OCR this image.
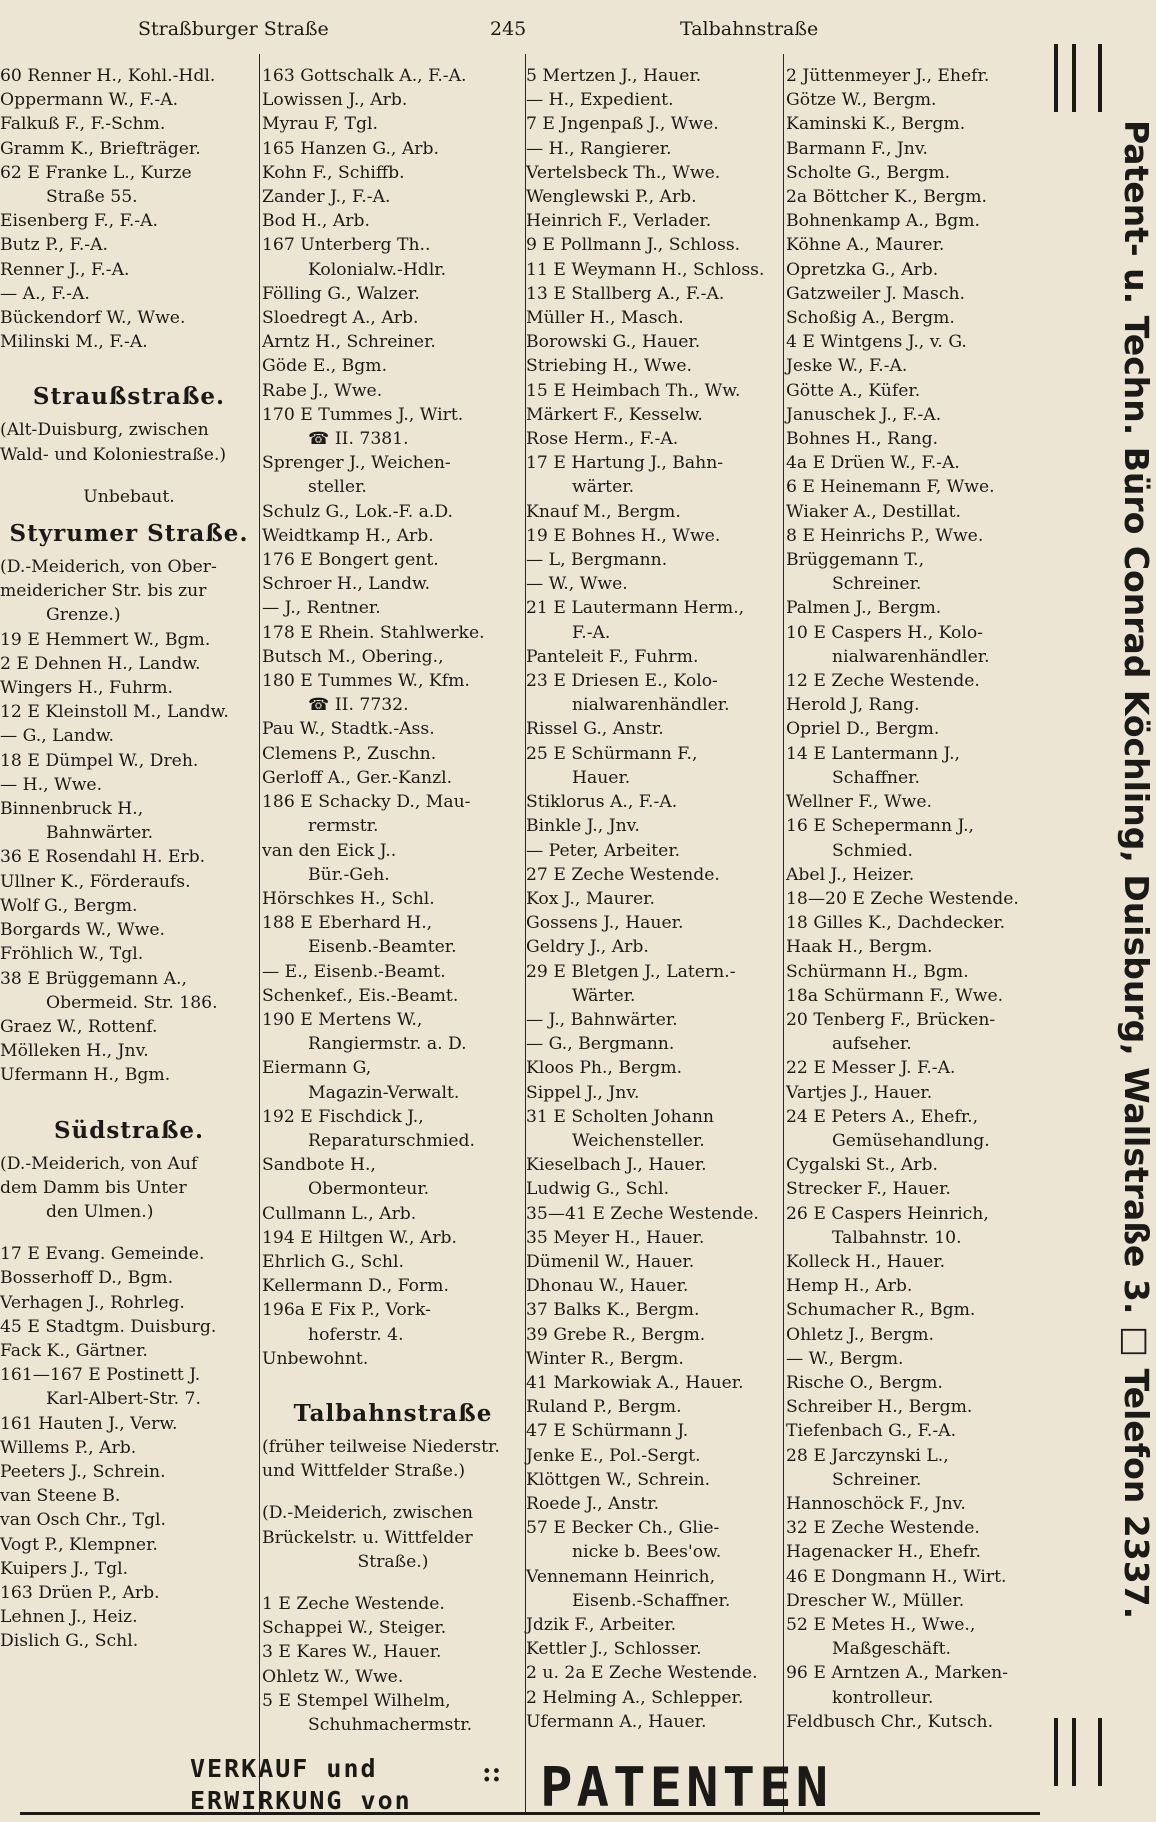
Straßburger Straße	245	Talbahnstraße
60 Renner H., Kohl.-Hdl.
Oppermann W., F.-A.
Falkuß F., F.-Schm.
Gramm K., Briefträger.
62 E Franke L., Kurze
Straße 55.
Eisenberg F., F.-A.
Butz P., F.-A.
Renner J., F.-A.
— A., F.-A.
Bückendorf W., Wwe.
Milinski M., F.-A.
Straußstraße.
(Alt-Duisburg, zwischen
Wald- und Koloniestraße.)
Unbebaut.
Styrumer Straße.
(D.-Meiderich, von Ober-
meidericher Str. bis zur
Grenze.)
19 E Hemmert W., Bgm.
2 E Dehnen H., Landw.
Wingers H., Fuhrm.
12 E Kleinstoll M., Landw.
— G., Landw.
18 E Dümpel W., Dreh.
— H., Wwe.
Binnenbruck H.,
Bahnwärter.
36 E Rosendahl H. Erb.
Ullner K., Förderaufs.
Wolf G., Bergm.
Borgards W., Wwe.
Fröhlich W., Tgl.
38 E Brüggemann A.,
Obermeid. Str. 186.
Graez W., Rottenf.
Mölleken H., Jnv.
Ufermann H., Bgm.
Südstraße.
(D.-Meiderich, von Auf
dem Damm bis Unter
den Ulmen.)
17 E Evang. Gemeinde.
Bosserhoff D., Bgm.
Verhagen J., Rohrleg.
45 E Stadtgm. Duisburg.
Fack K., Gärtner.
161—167 E Postinett J.
Karl-Albert-Str. 7.
161 Hauten J., Verw.
Willems P., Arb.
Peeters J., Schrein.
van Steene B.
van Osch Chr., Tgl.
Vogt P., Klempner.
Kuipers J., Tgl.
163 Drüen P., Arb.
Lehnen J., Heiz.
Dislich G., Schl.
163 Gottschalk A., F.-A.
Lowissen J., Arb.
Myrau F, Tgl.
165 Hanzen G., Arb.
Kohn F., Schiffb.
Zander J., F.-A.
Bod H., Arb.
167 Unterberg Th..
Kolonialw.-Hdlr.
Fölling G., Walzer.
Sloedregt A., Arb.
Arntz H., Schreiner.
Göde E., Bgm.
Rabe J., Wwe.
170 E Tummes J., Wirt.
☎ II. 7381.
Sprenger J., Weichen-
steller.
Schulz G., Lok.-F. a.D.
Weidtkamp H., Arb.
176 E Bongert gent.
Schroer H., Landw.
— J., Rentner.
178 E Rhein. Stahlwerke.
Butsch M., Obering.,
180 E Tummes W., Kfm.
☎ II. 7732.
Pau W., Stadtk.-Ass.
Clemens P., Zuschn.
Gerloff A., Ger.-Kanzl.
186 E Schacky D., Mau-
rermstr.
van den Eick J..
Bür.-Geh.
Hörschkes H., Schl.
188 E Eberhard H.,
Eisenb.-Beamter.
— E., Eisenb.-Beamt.
Schenkef., Eis.-Beamt.
190 E Mertens W.,
Rangiermstr. a. D.
Eiermann G,
Magazin-Verwalt.
192 E Fischdick J.,
Reparaturschmied.
Sandbote H.,
Obermonteur.
Cullmann L., Arb.
194 E Hiltgen W., Arb.
Ehrlich G., Schl.
Kellermann D., Form.
196a E Fix P., Vork-
hoferstr. 4.
Unbewohnt.
Talbahnstraße
(früher teilweise Niederstr.
und Wittfelder Straße.)
(D.-Meiderich, zwischen
Brückelstr. u. Wittfelder
Straße.)
1 E Zeche Westende.
Schappei W., Steiger.
3 E Kares W., Hauer.
Ohletz W., Wwe.
5 E Stempel Wilhelm,
Schuhmachermstr.
5 Mertzen J., Hauer.
— H., Expedient.
7 E Jngenpaß J., Wwe.
— H., Rangierer.
Vertelsbeck Th., Wwe.
Wenglewski P., Arb.
Heinrich F., Verlader.
9 E Pollmann J., Schloss.
11 E Weymann H., Schloss.
13 E Stallberg A., F.-A.
Müller H., Masch.
Borowski G., Hauer.
Striebing H., Wwe.
15 E Heimbach Th., Ww.
Märkert F., Kesselw.
Rose Herm., F.-A.
17 E Hartung J., Bahn-
wärter.
Knauf M., Bergm.
19 E Bohnes H., Wwe.
— L, Bergmann.
— W., Wwe.
21 E Lautermann Herm.,
F.-A.
Panteleit F., Fuhrm.
23 E Driesen E., Kolo-
nialwarenhändler.
Rissel G., Anstr.
25 E Schürmann F.,
Hauer.
Stiklorus A., F.-A.
Binkle J., Jnv.
— Peter, Arbeiter.
27 E Zeche Westende.
Kox J., Maurer.
Gossens J., Hauer.
Geldry J., Arb.
29 E Bletgen J., Latern.-
Wärter.
— J., Bahnwärter.
— G., Bergmann.
Kloos Ph., Bergm.
Sippel J., Jnv.
31 E Scholten Johann
Weichensteller.
Kieselbach J., Hauer.
Ludwig G., Schl.
35—41 E Zeche Westende.
35 Meyer H., Hauer.
Dümenil W., Hauer.
Dhonau W., Hauer.
37 Balks K., Bergm.
39 Grebe R., Bergm.
Winter R., Bergm.
41 Markowiak A., Hauer.
Ruland P., Bergm.
47 E Schürmann J.
Jenke E., Pol.-Sergt.
Klöttgen W., Schrein.
Roede J., Anstr.
57 E Becker Ch., Glie-
nicke b. Bees'ow.
Vennemann Heinrich,
Eisenb.-Schaffner.
Jdzik F., Arbeiter.
Kettler J., Schlosser.
2 u. 2a E Zeche Westende.
2 Helming A., Schlepper.
Ufermann A., Hauer.
2 Jüttenmeyer J., Ehefr.
Götze W., Bergm.
Kaminski K., Bergm.
Barmann F., Jnv.
Scholte G., Bergm.
2a Böttcher K., Bergm.
Bohnenkamp A., Bgm.
Köhne A., Maurer.
Opretzka G., Arb.
Gatzweiler J. Masch.
Schoßig A., Bergm.
4 E Wintgens J., v. G.
Jeske W., F.-A.
Götte A., Küfer.
Januschek J., F.-A.
Bohnes H., Rang.
4a E Drüen W., F.-A.
6 E Heinemann F, Wwe.
Wiaker A., Destillat.
8 E Heinrichs P., Wwe.
Brüggemann T.,
Schreiner.
Palmen J., Bergm.
10 E Caspers H., Kolo-
nialwarenhändler.
12 E Zeche Westende.
Herold J, Rang.
Opriel D., Bergm.
14 E Lantermann J.,
Schaffner.
Wellner F., Wwe.
16 E Schepermann J.,
Schmied.
Abel J., Heizer.
18—20 E Zeche Westende.
18 Gilles K., Dachdecker.
Haak H., Bergm.
Schürmann H., Bgm.
18a Schürmann F., Wwe.
20 Tenberg F., Brücken-
aufseher.
22 E Messer J. F.-A.
Vartjes J., Hauer.
24 E Peters A., Ehefr.,
Gemüsehandlung.
Cygalski St., Arb.
Strecker F., Hauer.
26 E Caspers Heinrich,
Talbahnstr. 10.
Kolleck H., Hauer.
Hemp H., Arb.
Schumacher R., Bgm.
Ohletz J., Bergm.
— W., Bergm.
Rische O., Bergm.
Schreiber H., Bergm.
Tiefenbach G., F.-A.
28 E Jarczynski L.,
Schreiner.
Hannoschöck F., Jnv.
32 E Zeche Westende.
Hagenacker H., Ehefr.
46 E Dongmann H., Wirt.
Drescher W., Müller.
52 E Metes H., Wwe.,
Maßgeschäft.
96 E Arntzen A., Marken-
kontrolleur.
Feldbusch Chr., Kutsch.
Patent- u. Techn. Büro Conrad Köchling, Duisburg, Wallstraße 3. □ Telefon 2337.
VERKAUF und
ERWIRKUNG von
:: PATENTEN
